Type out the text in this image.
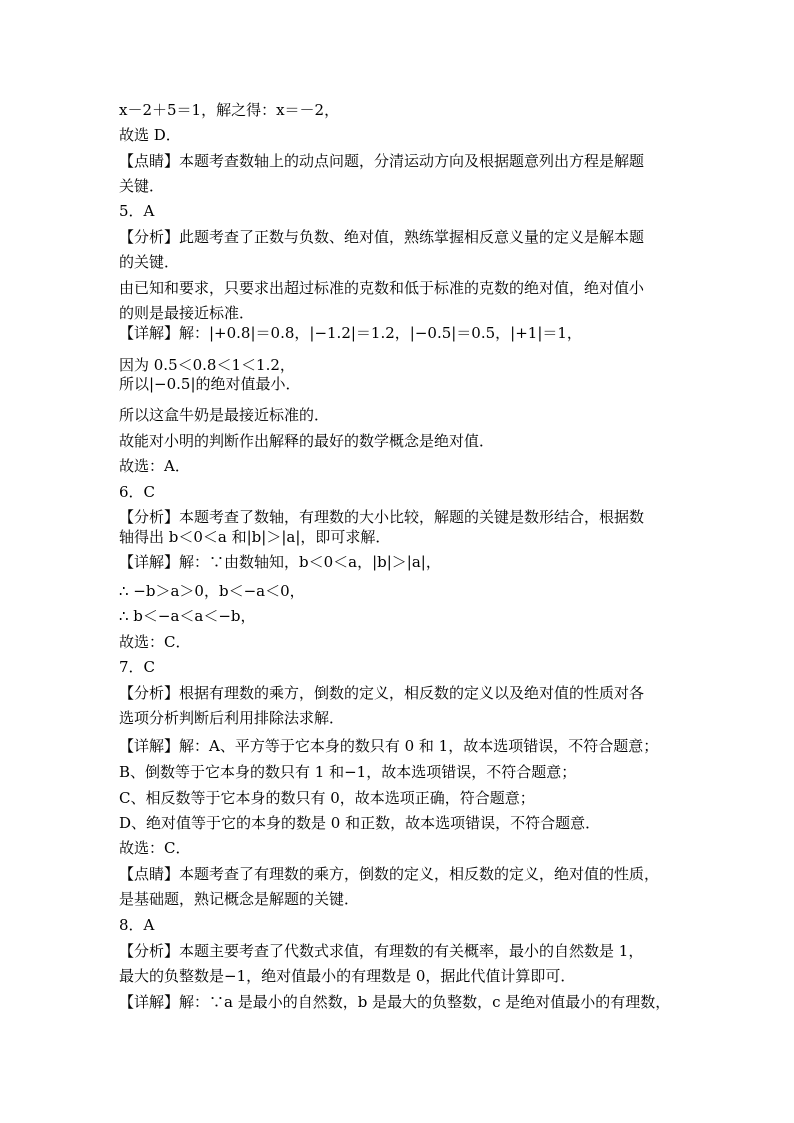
x－2＋5＝1，解之得：x＝－2，
故选 D．
【点睛】本题考查数轴上的动点问题，分清运动方向及根据题意列出方程是解题
关键．
5．A
【分析】此题考查了正数与负数、绝对值，熟练掌握相反意义量的定义是解本题
的关键．
由已知和要求，只要求出超过标准的克数和低于标准的克数的绝对值，绝对值小
的则是最接近标准．
【详解】解：|+0.8|＝0.8，|−1.2|＝1.2，|−0.5|＝0.5，|+1|＝1，
因为 0.5＜0.8＜1＜1.2，
所以|−0.5|的绝对值最小．
所以这盒牛奶是最接近标准的．
故能对小明的判断作出解释的最好的数学概念是绝对值．
故选：A．
6．C
【分析】本题考查了数轴，有理数的大小比较，解题的关键是数形结合，根据数
轴得出 b＜0＜a 和|b|＞|a|，即可求解．
【详解】解：∵由数轴知，b＜0＜a，|b|＞|a|，
∴ −b＞a＞0，b＜−a＜0，
∴ b＜−a＜a＜−b，
故选：C．
7．C
【分析】根据有理数的乘方，倒数的定义，相反数的定义以及绝对值的性质对各
选项分析判断后利用排除法求解．
【详解】解：A、平方等于它本身的数只有 0 和 1，故本选项错误，不符合题意；
B、倒数等于它本身的数只有 1 和−1，故本选项错误，不符合题意；
C、相反数等于它本身的数只有 0，故本选项正确，符合题意；
D、绝对值等于它的本身的数是 0 和正数，故本选项错误，不符合题意．
故选：C．
【点睛】本题考查了有理数的乘方，倒数的定义，相反数的定义，绝对值的性质，
是基础题，熟记概念是解题的关键．
8．A
【分析】本题主要考查了代数式求值，有理数的有关概率，最小的自然数是 1，
最大的负整数是−1，绝对值最小的有理数是 0，据此代值计算即可．
【详解】解：∵a 是最小的自然数，b 是最大的负整数，c 是绝对值最小的有理数，
